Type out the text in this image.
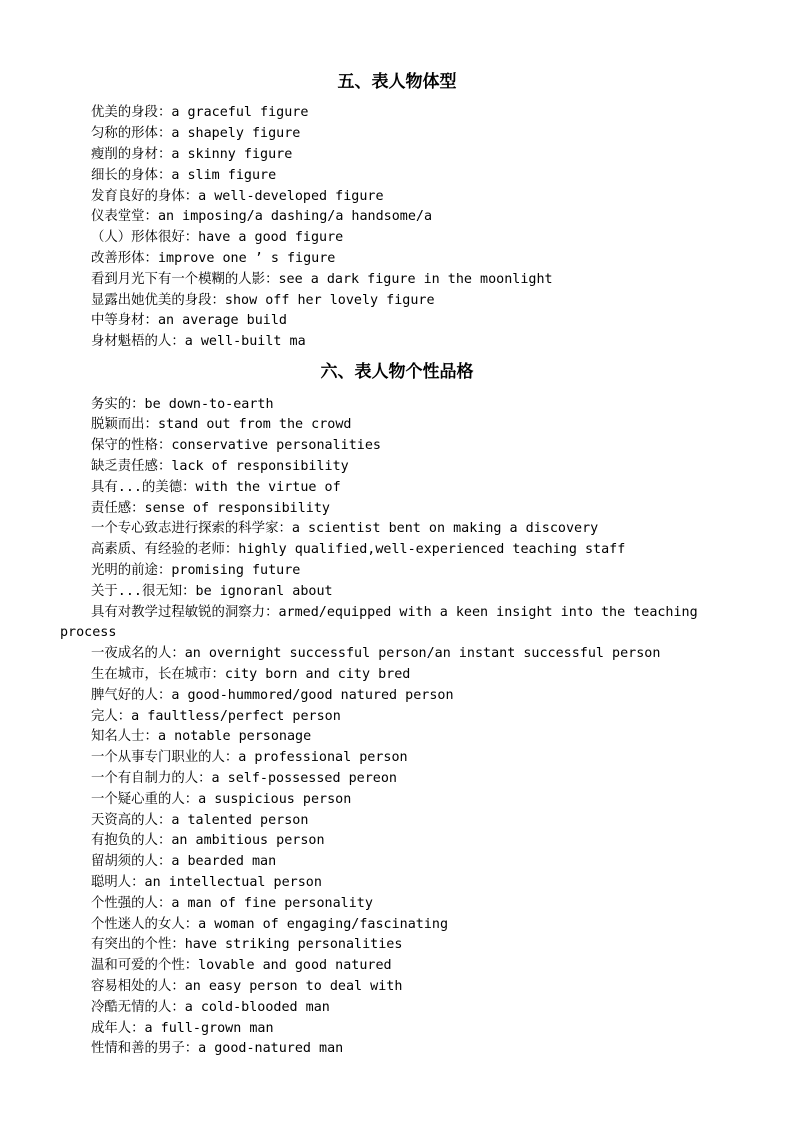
五、表人物体型
优美的身段：a graceful figure
匀称的形体：a shapely figure
瘦削的身材：a skinny figure
细长的身体：a slim figure
发育良好的身体：a well-developed figure
仪表堂堂：an imposing/a dashing/a handsome/a
（人）形体很好：have a good figure
改善形体：improve one ’ s figure
看到月光下有一个模糊的人影：see a dark figure in the moonlight
显露出她优美的身段：show off her lovely figure
中等身材：an average build
身材魁梧的人：a well-built ma
六、表人物个性品格
务实的：be down-to-earth
脱颖而出：stand out from the crowd
保守的性格：conservative personalities
缺乏责任感：lack of responsibility
具有...的美德：with the virtue of
责任感：sense of responsibility
一个专心致志进行探索的科学家：a scientist bent on making a discovery
高素质、有经验的老师：highly qualified,well-experienced teaching staff
光明的前途：promising future
关于...很无知：be ignoranl about
具有对教学过程敏锐的洞察力：armed/equipped with a keen insight into the teaching
process
一夜成名的人：an overnight successful person/an instant successful person
生在城市，长在城市：city born and city bred
脾气好的人：a good-hummored/good natured person
完人：a faultless/perfect person
知名人士：a notable personage
一个从事专门职业的人：a professional person
一个有自制力的人：a self-possessed pereon
一个疑心重的人：a suspicious person
天资高的人：a talented person
有抱负的人：an ambitious person
留胡须的人：a bearded man
聪明人：an intellectual person
个性强的人：a man of fine personality
个性迷人的女人：a woman of engaging/fascinating
有突出的个性：have striking personalities
温和可爱的个性：lovable and good natured
容易相处的人：an easy person to deal with
冷酷无情的人：a cold-blooded man
成年人：a full-grown man
性情和善的男子：a good-natured man
